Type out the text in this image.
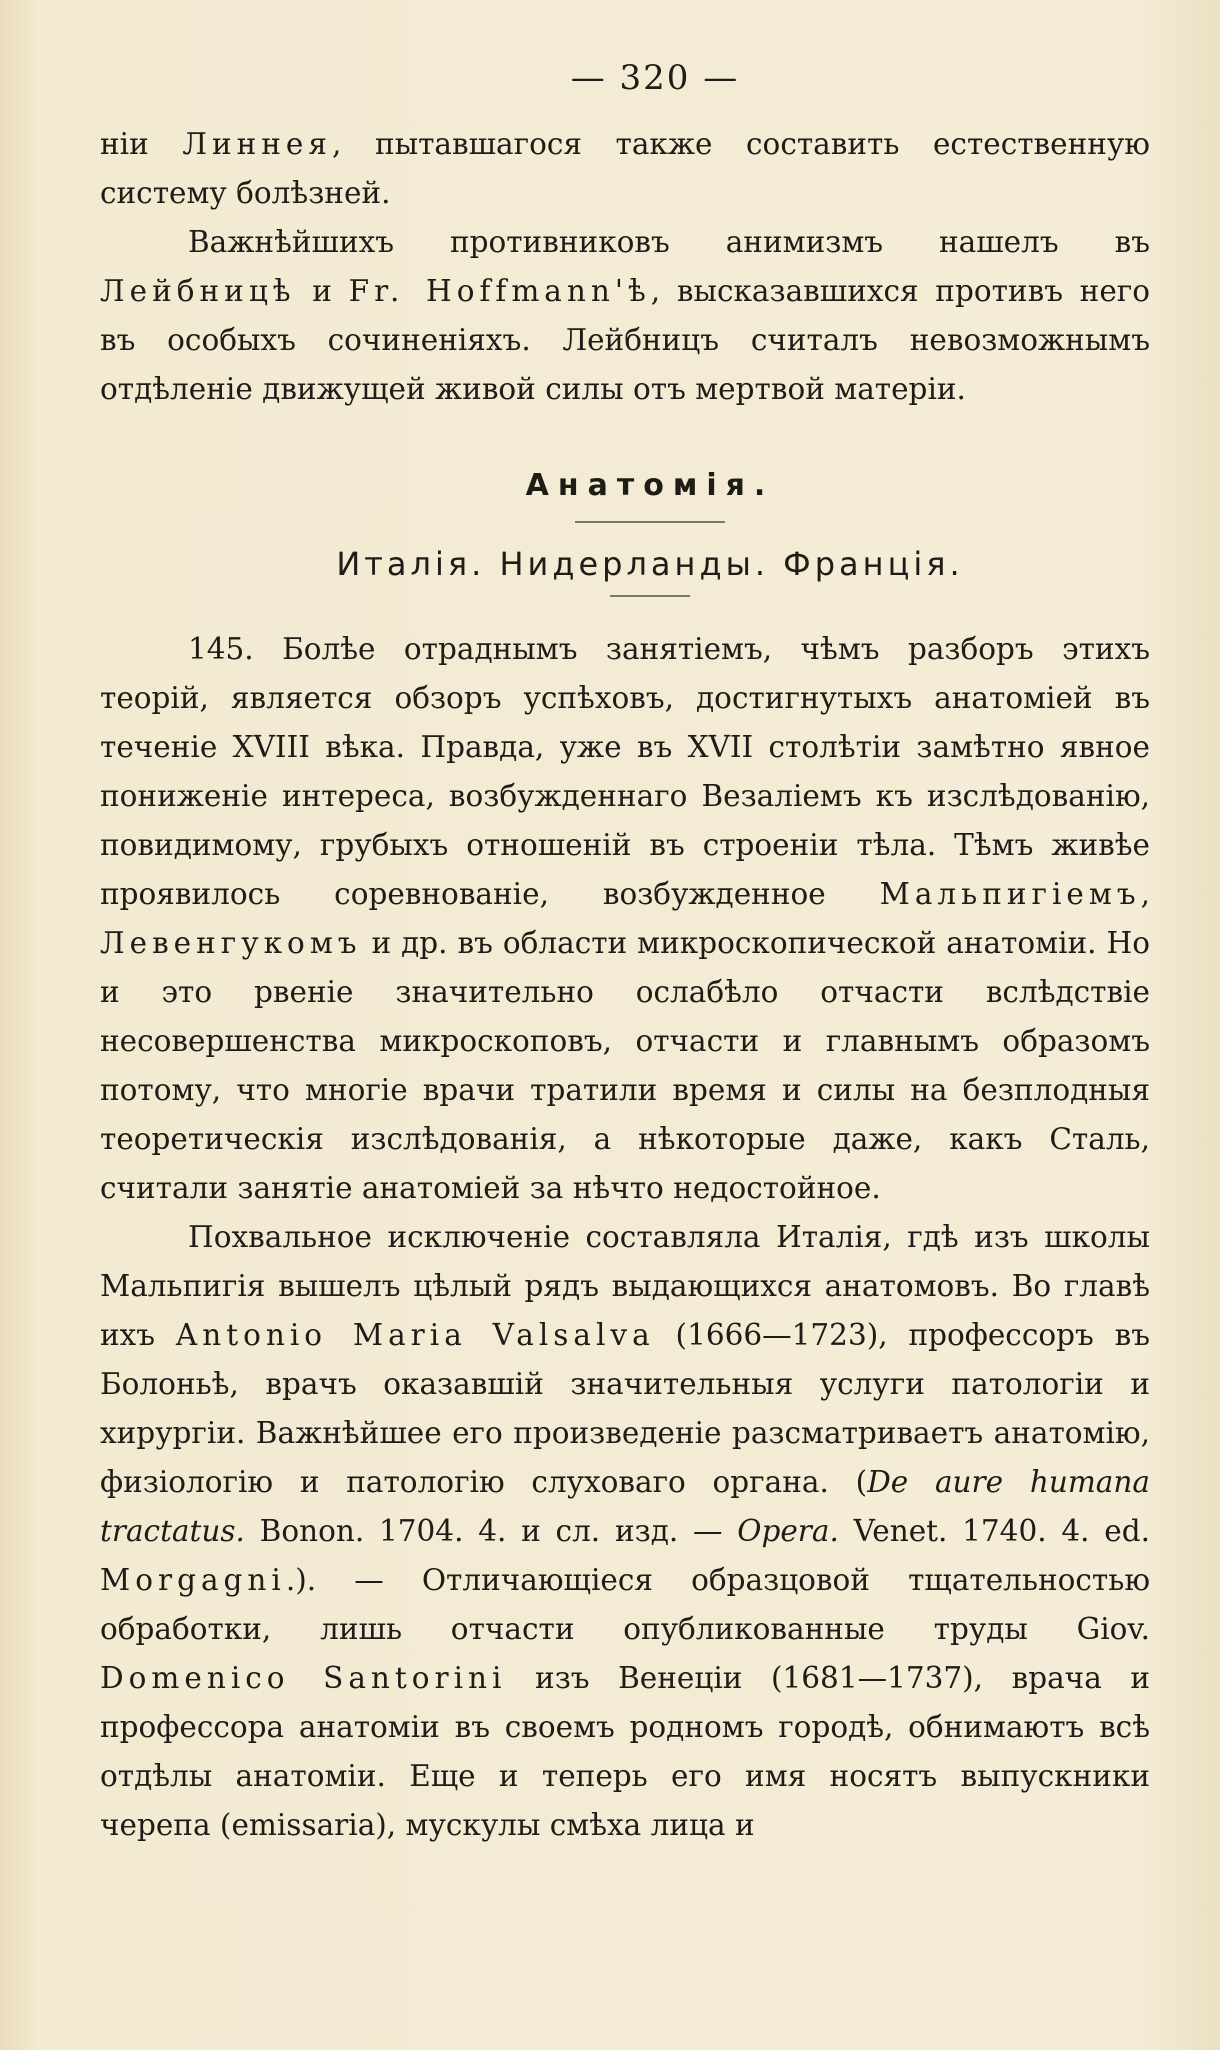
— 320 —

ніи Линнея, пытавшагося также составить естественную систему болѣзней.

Важнѣйшихъ противниковъ анимизмъ нашелъ въ Лейбницѣ и Fr. Hoffmann'ѣ, высказавшихся противъ него въ особыхъ сочиненіяхъ. Лейбницъ считалъ невозможнымъ отдѣленіе движущей живой силы отъ мертвой матеріи.

Анатомія.
Италія. Нидерланды. Франція.

145. Болѣе отраднымъ занятіемъ, чѣмъ разборъ этихъ теорій, является обзоръ успѣховъ, достигнутыхъ анатоміей въ теченіе XVIII вѣка. Правда, уже въ XVII столѣтіи замѣтно явное пониженіе интереса, возбужденнаго Везаліемъ къ изслѣдованію, повидимому, грубыхъ отношеній въ строеніи тѣла. Тѣмъ живѣе проявилось соревнованіе, возбужденное Мальпигіемъ, Левенгукомъ и др. въ области микроскопической анатоміи. Но и это рвеніе значительно ослабѣло отчасти вслѣдствіе несовершенства микроскоповъ, отчасти и главнымъ образомъ потому, что многіе врачи тратили время и силы на безплодныя теоретическія изслѣдованія, а нѣкоторые даже, какъ Сталь, считали занятіе анатоміей за нѣчто недостойное.

Похвальное исключеніе составляла Италія, гдѣ изъ школы Мальпигія вышелъ цѣлый рядъ выдающихся анатомовъ. Во главѣ ихъ Antonio Maria Valsalva (1666—1723), профессоръ въ Болоньѣ, врачъ оказавшій значительныя услуги патологіи и хирургіи. Важнѣйшее его произведеніе разсматриваетъ анатомію, физіологію и патологію слуховаго органа. (De aure humana tractatus. Bonon. 1704. 4. и сл. изд. — Opera. Venet. 1740. 4. ed. Morgagni.). — Отличающіеся образцовой тщательностью обработки, лишь отчасти опубликованные труды Giov. Domenico Santorini изъ Венеціи (1681—1737), врача и профессора анатоміи въ своемъ родномъ городѣ, обнимаютъ всѣ отдѣлы анатоміи. Еще и теперь его имя носятъ выпускники черепа (emissaria), мускулы смѣха лица и
